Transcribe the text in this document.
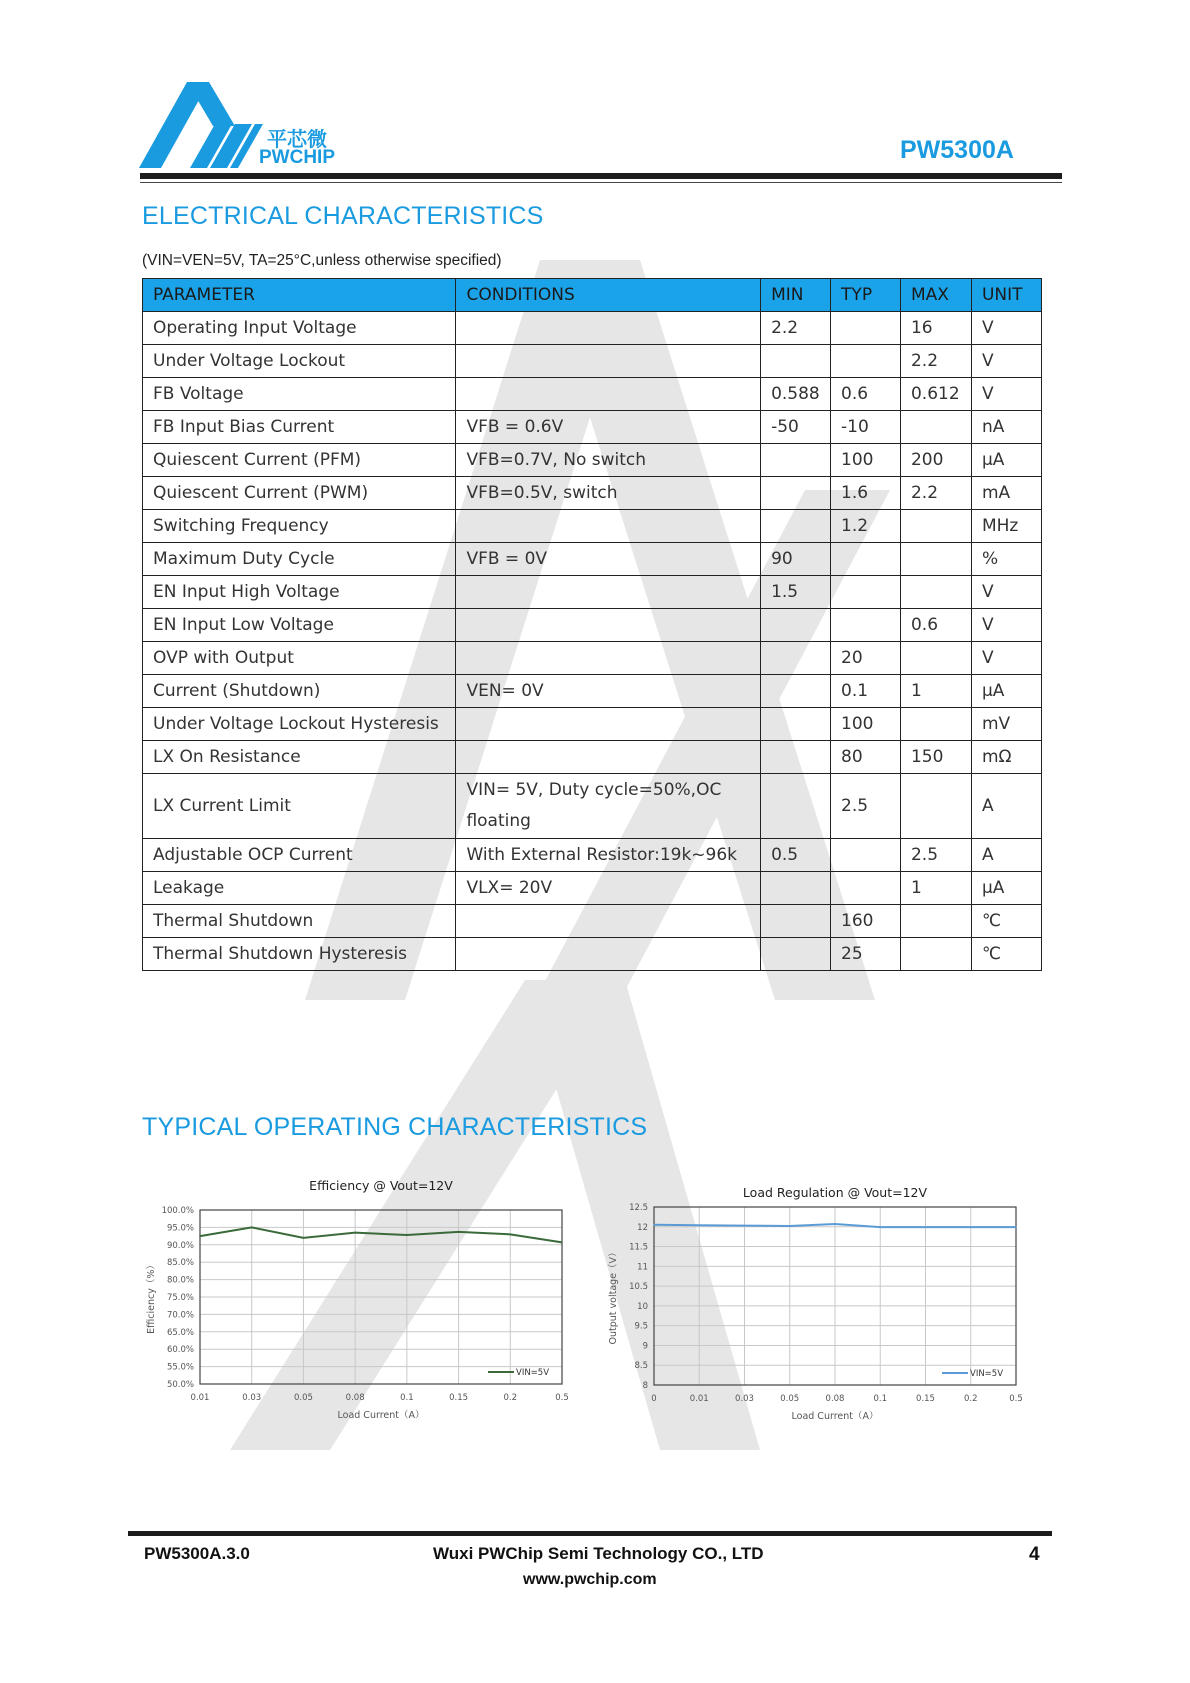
平芯微
PWCHIP	PW5300A
ELECTRICAL CHARACTERISTICS
(VIN=VEN=5V, TA=25°C,unless otherwise specified)
PARAMETER	CONDITIONS	MIN	TYP	MAX	UNIT
Operating Input Voltage		2.2		16	V
Under Voltage Lockout				2.2	V
FB Voltage		0.588	0.6	0.612	V
FB Input Bias Current	VFB = 0.6V	-50	-10		nA
Quiescent Current (PFM)	VFB=0.7V, No switch		100	200	μA
Quiescent Current (PWM)	VFB=0.5V, switch		1.6	2.2	mA
Switching Frequency			1.2		MHz
Maximum Duty Cycle	VFB = 0V	90			%
EN Input High Voltage		1.5			V
EN Input Low Voltage				0.6	V
OVP with Output			20		V
Current (Shutdown)	VEN= 0V		0.1	1	μA
Under Voltage Lockout Hysteresis			100		mV
LX On Resistance			80	150	mΩ
LX Current Limit	VIN= 5V, Duty cycle=50%,OC floating		2.5		A
Adjustable OCP Current	With External Resistor:19k~96k	0.5		2.5	A
Leakage	VLX= 20V			1	μA
Thermal Shutdown			160		℃
Thermal Shutdown Hysteresis			25		℃
TYPICAL OPERATING CHARACTERISTICS
Efficiency @ Vout=12V
50.0%
55.0%
60.0%
65.0%
70.0%
75.0%
80.0%
85.0%
90.0%
95.0%
100.0%
0.01	0.03	0.05	0.08	0.1	0.15	0.2	0.5
Load Current（A）
Efficiency（%）
VIN=5V
Load Regulation @ Vout=12V
8
8.5
9
9.5
10
10.5
11
11.5
12
12.5
0	0.01	0.03	0.05	0.08	0.1	0.15	0.2	0.5
Load Current（A）
Output voltage（V）
VIN=5V
PW5300A.3.0	Wuxi PWChip Semi Technology CO., LTD
www.pwchip.com
4
